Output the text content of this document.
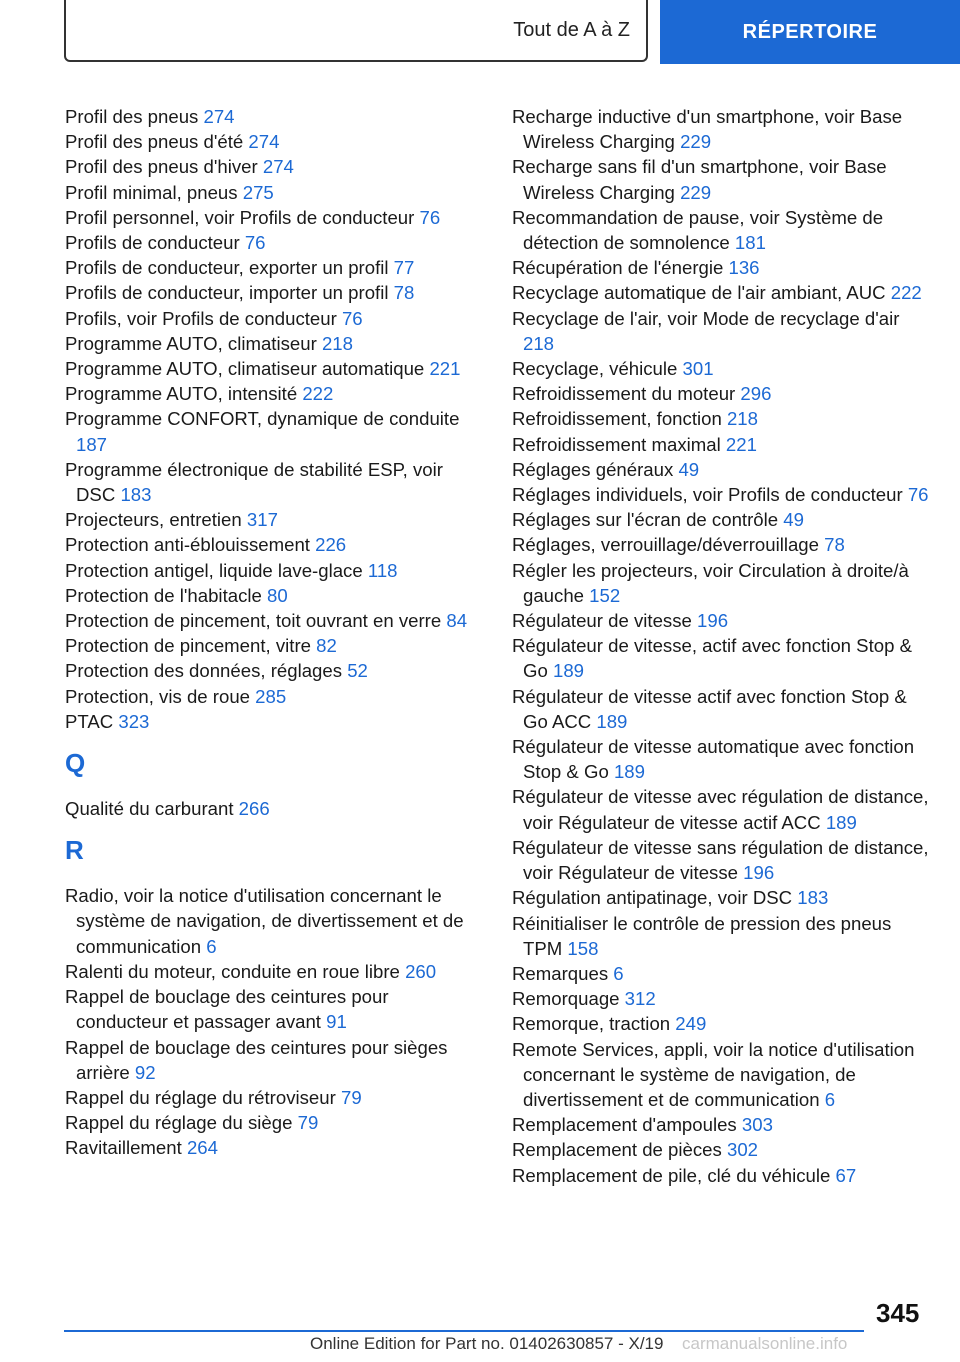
Tout de A à Z	RÉPERTOIRE

Profil des pneus 274

Profil des pneus d'été 274

Profil des pneus d'hiver 274

Profil minimal, pneus 275

Profil personnel, voir Profils de conducteur 76

Profils de conducteur 76

Profils de conducteur, exporter un profil 77

Profils de conducteur, importer un profil 78

Profils, voir Profils de conducteur 76

Programme AUTO, climatiseur 218

Programme AUTO, climatiseur automatique 221

Programme AUTO, intensité 222

Programme CONFORT, dynamique de conduite 187

Programme électronique de stabilité ESP, voir DSC 183

Projecteurs, entretien 317

Protection anti-éblouissement 226

Protection antigel, liquide lave-glace 118

Protection de l'habitacle 80

Protection de pincement, toit ouvrant en verre 84

Protection de pincement, vitre 82

Protection des données, réglages 52

Protection, vis de roue 285

PTAC 323

Q

Qualité du carburant 266

R

Radio, voir la notice d'utilisation concernant le système de navigation, de divertissement et de communication 6

Ralenti du moteur, conduite en roue libre 260

Rappel de bouclage des ceintures pour conducteur et passager avant 91

Rappel de bouclage des ceintures pour sièges arrière 92

Rappel du réglage du rétroviseur 79

Rappel du réglage du siège 79

Ravitaillement 264

Recharge inductive d'un smartphone, voir Base Wireless Charging 229

Recharge sans fil d'un smartphone, voir Base Wireless Charging 229

Recommandation de pause, voir Système de détection de somnolence 181

Récupération de l'énergie 136

Recyclage automatique de l'air ambiant, AUC 222

Recyclage de l'air, voir Mode de recyclage d'air 218

Recyclage, véhicule 301

Refroidissement du moteur 296

Refroidissement, fonction 218

Refroidissement maximal 221

Réglages généraux 49

Réglages individuels, voir Profils de conducteur 76

Réglages sur l'écran de contrôle 49

Réglages, verrouillage/déverrouillage 78

Régler les projecteurs, voir Circulation à droite/à gauche 152

Régulateur de vitesse 196

Régulateur de vitesse, actif avec fonction Stop & Go 189

Régulateur de vitesse actif avec fonction Stop & Go ACC 189

Régulateur de vitesse automatique avec fonction Stop & Go 189

Régulateur de vitesse avec régulation de distance, voir Régulateur de vitesse actif ACC 189

Régulateur de vitesse sans régulation de distance, voir Régulateur de vitesse 196

Régulation antipatinage, voir DSC 183

Réinitialiser le contrôle de pression des pneus TPM 158

Remarques 6

Remorquage 312

Remorque, traction 249

Remote Services, appli, voir la notice d'utilisation concernant le système de navigation, de divertissement et de communication 6

Remplacement d'ampoules 303

Remplacement de pièces 302

Remplacement de pile, clé du véhicule 67

345
Online Edition for Part no. 01402630857 - X/19 carmanualsonline.info
